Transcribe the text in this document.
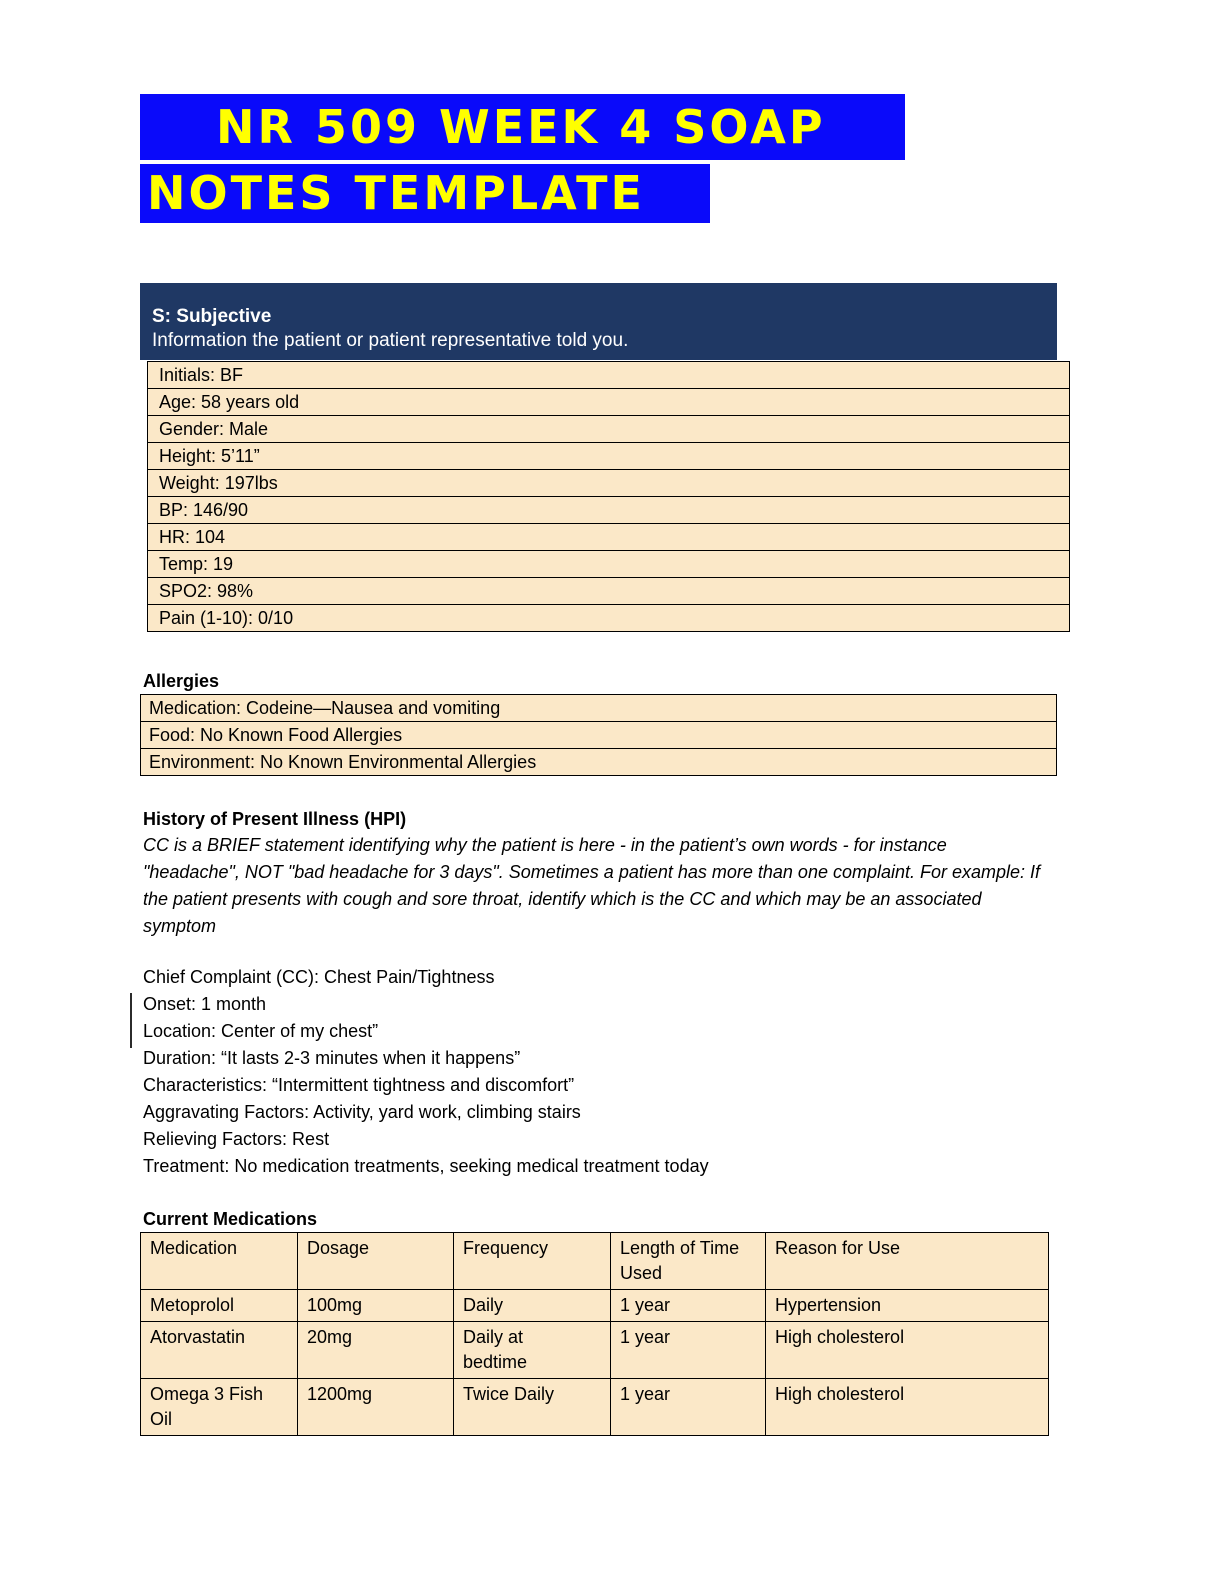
NR 509 WEEK 4 SOAP
NOTES TEMPLATE
S: Subjective
Information the patient or patient representative told you.
Initials: BF
Age: 58 years old
Gender: Male
Height: 5’11”
Weight: 197lbs
BP: 146/90
HR: 104
Temp: 19
SPO2: 98%
Pain (1-10): 0/10
Allergies
Medication: Codeine—Nausea and vomiting
Food: No Known Food Allergies
Environment: No Known Environmental Allergies
History of Present Illness (HPI)
CC is a BRIEF statement identifying why the patient is here - in the patient’s own words - for instance "headache", NOT "bad headache for 3 days". Sometimes a patient has more than one complaint. For example: If the patient presents with cough and sore throat, identify which is the CC and which may be an associated symptom
Chief Complaint (CC): Chest Pain/Tightness
Onset: 1 month
Location: Center of my chest”
Duration: “It lasts 2-3 minutes when it happens”
Characteristics: “Intermittent tightness and discomfort”
Aggravating Factors: Activity, yard work, climbing stairs
Relieving Factors: Rest
Treatment: No medication treatments, seeking medical treatment today
Current Medications
Medication	Dosage	Frequency	Length of Time Used	Reason for Use
Metoprolol	100mg	Daily	1 year	Hypertension
Atorvastatin	20mg	Daily at bedtime	1 year	High cholesterol
Omega 3 Fish Oil	1200mg	Twice Daily	1 year	High cholesterol
